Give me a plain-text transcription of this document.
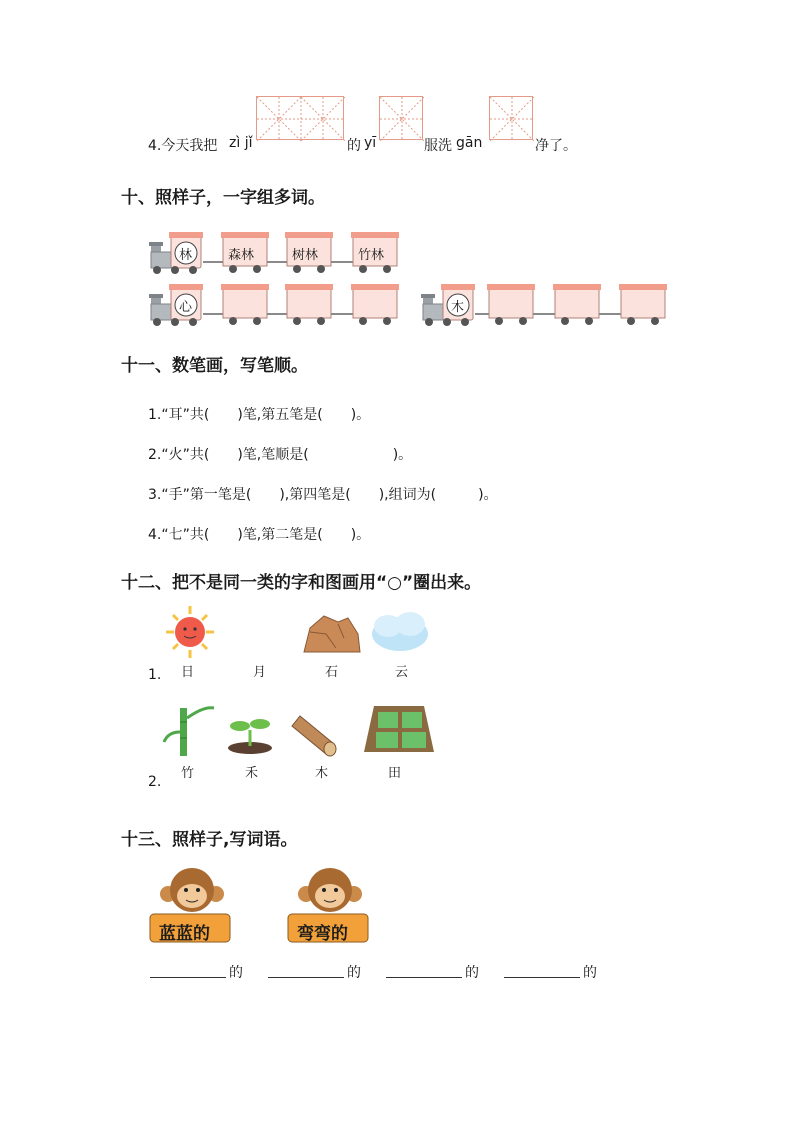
4.今天我把 zì jǐ	的 yī	服洗 gān	净了。
十、照样子，一字组多词。
林	森林	树林	竹林
心	木
十一、数笔画，写笔顺。
1.“耳”共(　　)笔,第五笔是(　　)。
2.“火”共(　　)笔,笔顺是(　　　　　　)。
3.“手”第一笔是(　　),第四笔是(　　),组词为(　　　)。
4.“七”共(　　)笔,第二笔是(　　)。
十二、把不是同一类的字和图画用“○”圈出来。
日	月	石	云
1.
竹	禾	木	田
2.
十三、照样子,写词语。
蓝蓝的	弯弯的
的	的	的	的
